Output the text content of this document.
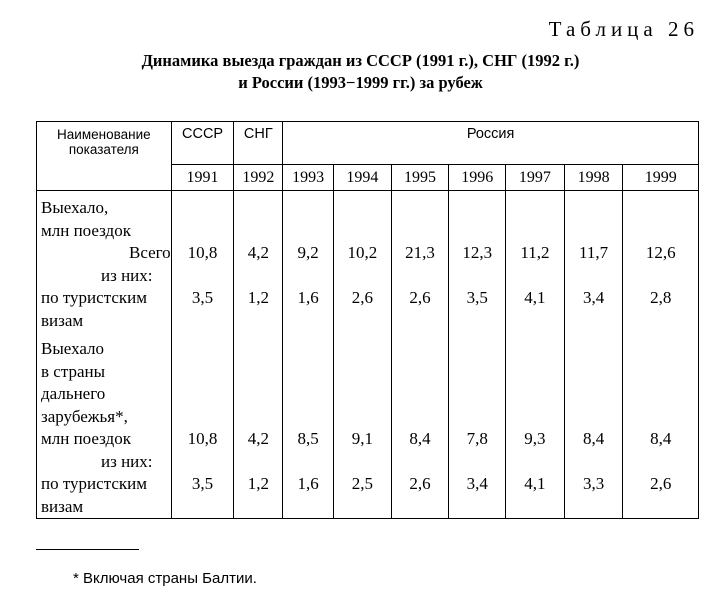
Таблица 26
Динамика выезда граждан из СССР (1991 г.), СНГ (1992 г.)
и России (1993−1999 гг.) за рубеж
Наименование показателя	СССР	СНГ	Россия						
	1991	1992	1993	1994	1995	1996	1997	1998	1999
Выехало,									
млн поездок									
Всего	10,8	4,2	9,2	10,2	21,3	12,3	11,2	11,7	12,6
из них:									
по туристским	3,5	1,2	1,6	2,6	2,6	3,5	4,1	3,4	2,8
визам									
Выехало									
в страны									
дальнего									
зарубежья*,									
млн поездок	10,8	4,2	8,5	9,1	8,4	7,8	9,3	8,4	8,4
из них:									
по туристским	3,5	1,2	1,6	2,5	2,6	3,4	4,1	3,3	2,6
визам									
* Включая страны Балтии.
